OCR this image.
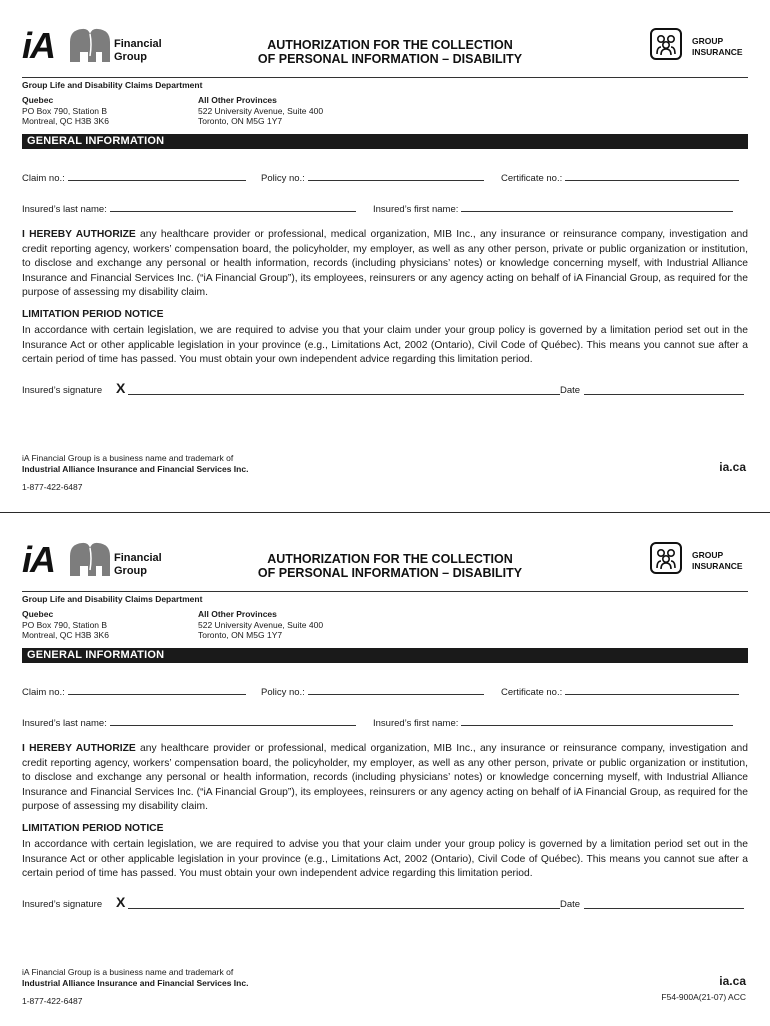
iA	Financial
Group
AUTHORIZATION FOR THE COLLECTION
OF PERSONAL INFORMATION – DISABILITY
GROUP
INSURANCE
Group Life and Disability Claims Department
Quebec
PO Box 790, Station B
Montreal, QC H3B 3K6
All Other Provinces
522 University Avenue, Suite 400
Toronto, ON M5G 1Y7
GENERAL INFORMATION
Claim no.:	Policy no.:	Certificate no.:
Insured’s last name:	Insured’s first name:
I HEREBY AUTHORIZE any healthcare provider or professional, medical organization, MIB Inc., any insurance or reinsurance company, investigation and credit reporting agency, workers’ compensation board, the policyholder, my employer, as well as any other person, private or public organization or institution, to disclose and exchange any personal or health information, records (including physicians’ notes) or knowledge concerning myself, with Industrial Alliance Insurance and Financial Services Inc. (“iA Financial Group”), its employees, reinsurers or any agency acting on behalf of iA Financial Group, as required for the purpose of assessing my disability claim.
LIMITATION PERIOD NOTICE
In accordance with certain legislation, we are required to advise you that your claim under your group policy is governed by a limitation period set out in the Insurance Act or other applicable legislation in your province (e.g., Limitations Act, 2002 (Ontario), Civil Code of Québec). This means you cannot sue after a certain period of time has passed. You must obtain your own independent advice regarding this limitation period.
Insured’s signature X	Date
iA Financial Group is a business name and trademark of
Industrial Alliance Insurance and Financial Services Inc.	ia.ca
1-877-422-6487
iA	Financial
Group
AUTHORIZATION FOR THE COLLECTION
OF PERSONAL INFORMATION – DISABILITY
GROUP
INSURANCE
Group Life and Disability Claims Department
Quebec
PO Box 790, Station B
Montreal, QC H3B 3K6
All Other Provinces
522 University Avenue, Suite 400
Toronto, ON M5G 1Y7
GENERAL INFORMATION
Claim no.:	Policy no.:	Certificate no.:
Insured’s last name:	Insured’s first name:
I HEREBY AUTHORIZE any healthcare provider or professional, medical organization, MIB Inc., any insurance or reinsurance company, investigation and credit reporting agency, workers’ compensation board, the policyholder, my employer, as well as any other person, private or public organization or institution, to disclose and exchange any personal or health information, records (including physicians’ notes) or knowledge concerning myself, with Industrial Alliance Insurance and Financial Services Inc. (“iA Financial Group”), its employees, reinsurers or any agency acting on behalf of iA Financial Group, as required for the purpose of assessing my disability claim.
LIMITATION PERIOD NOTICE
In accordance with certain legislation, we are required to advise you that your claim under your group policy is governed by a limitation period set out in the Insurance Act or other applicable legislation in your province (e.g., Limitations Act, 2002 (Ontario), Civil Code of Québec). This means you cannot sue after a certain period of time has passed. You must obtain your own independent advice regarding this limitation period.
Insured’s signature X	Date
iA Financial Group is a business name and trademark of
Industrial Alliance Insurance and Financial Services Inc.	ia.ca
1-877-422-6487	F54-900A(21-07) ACC
